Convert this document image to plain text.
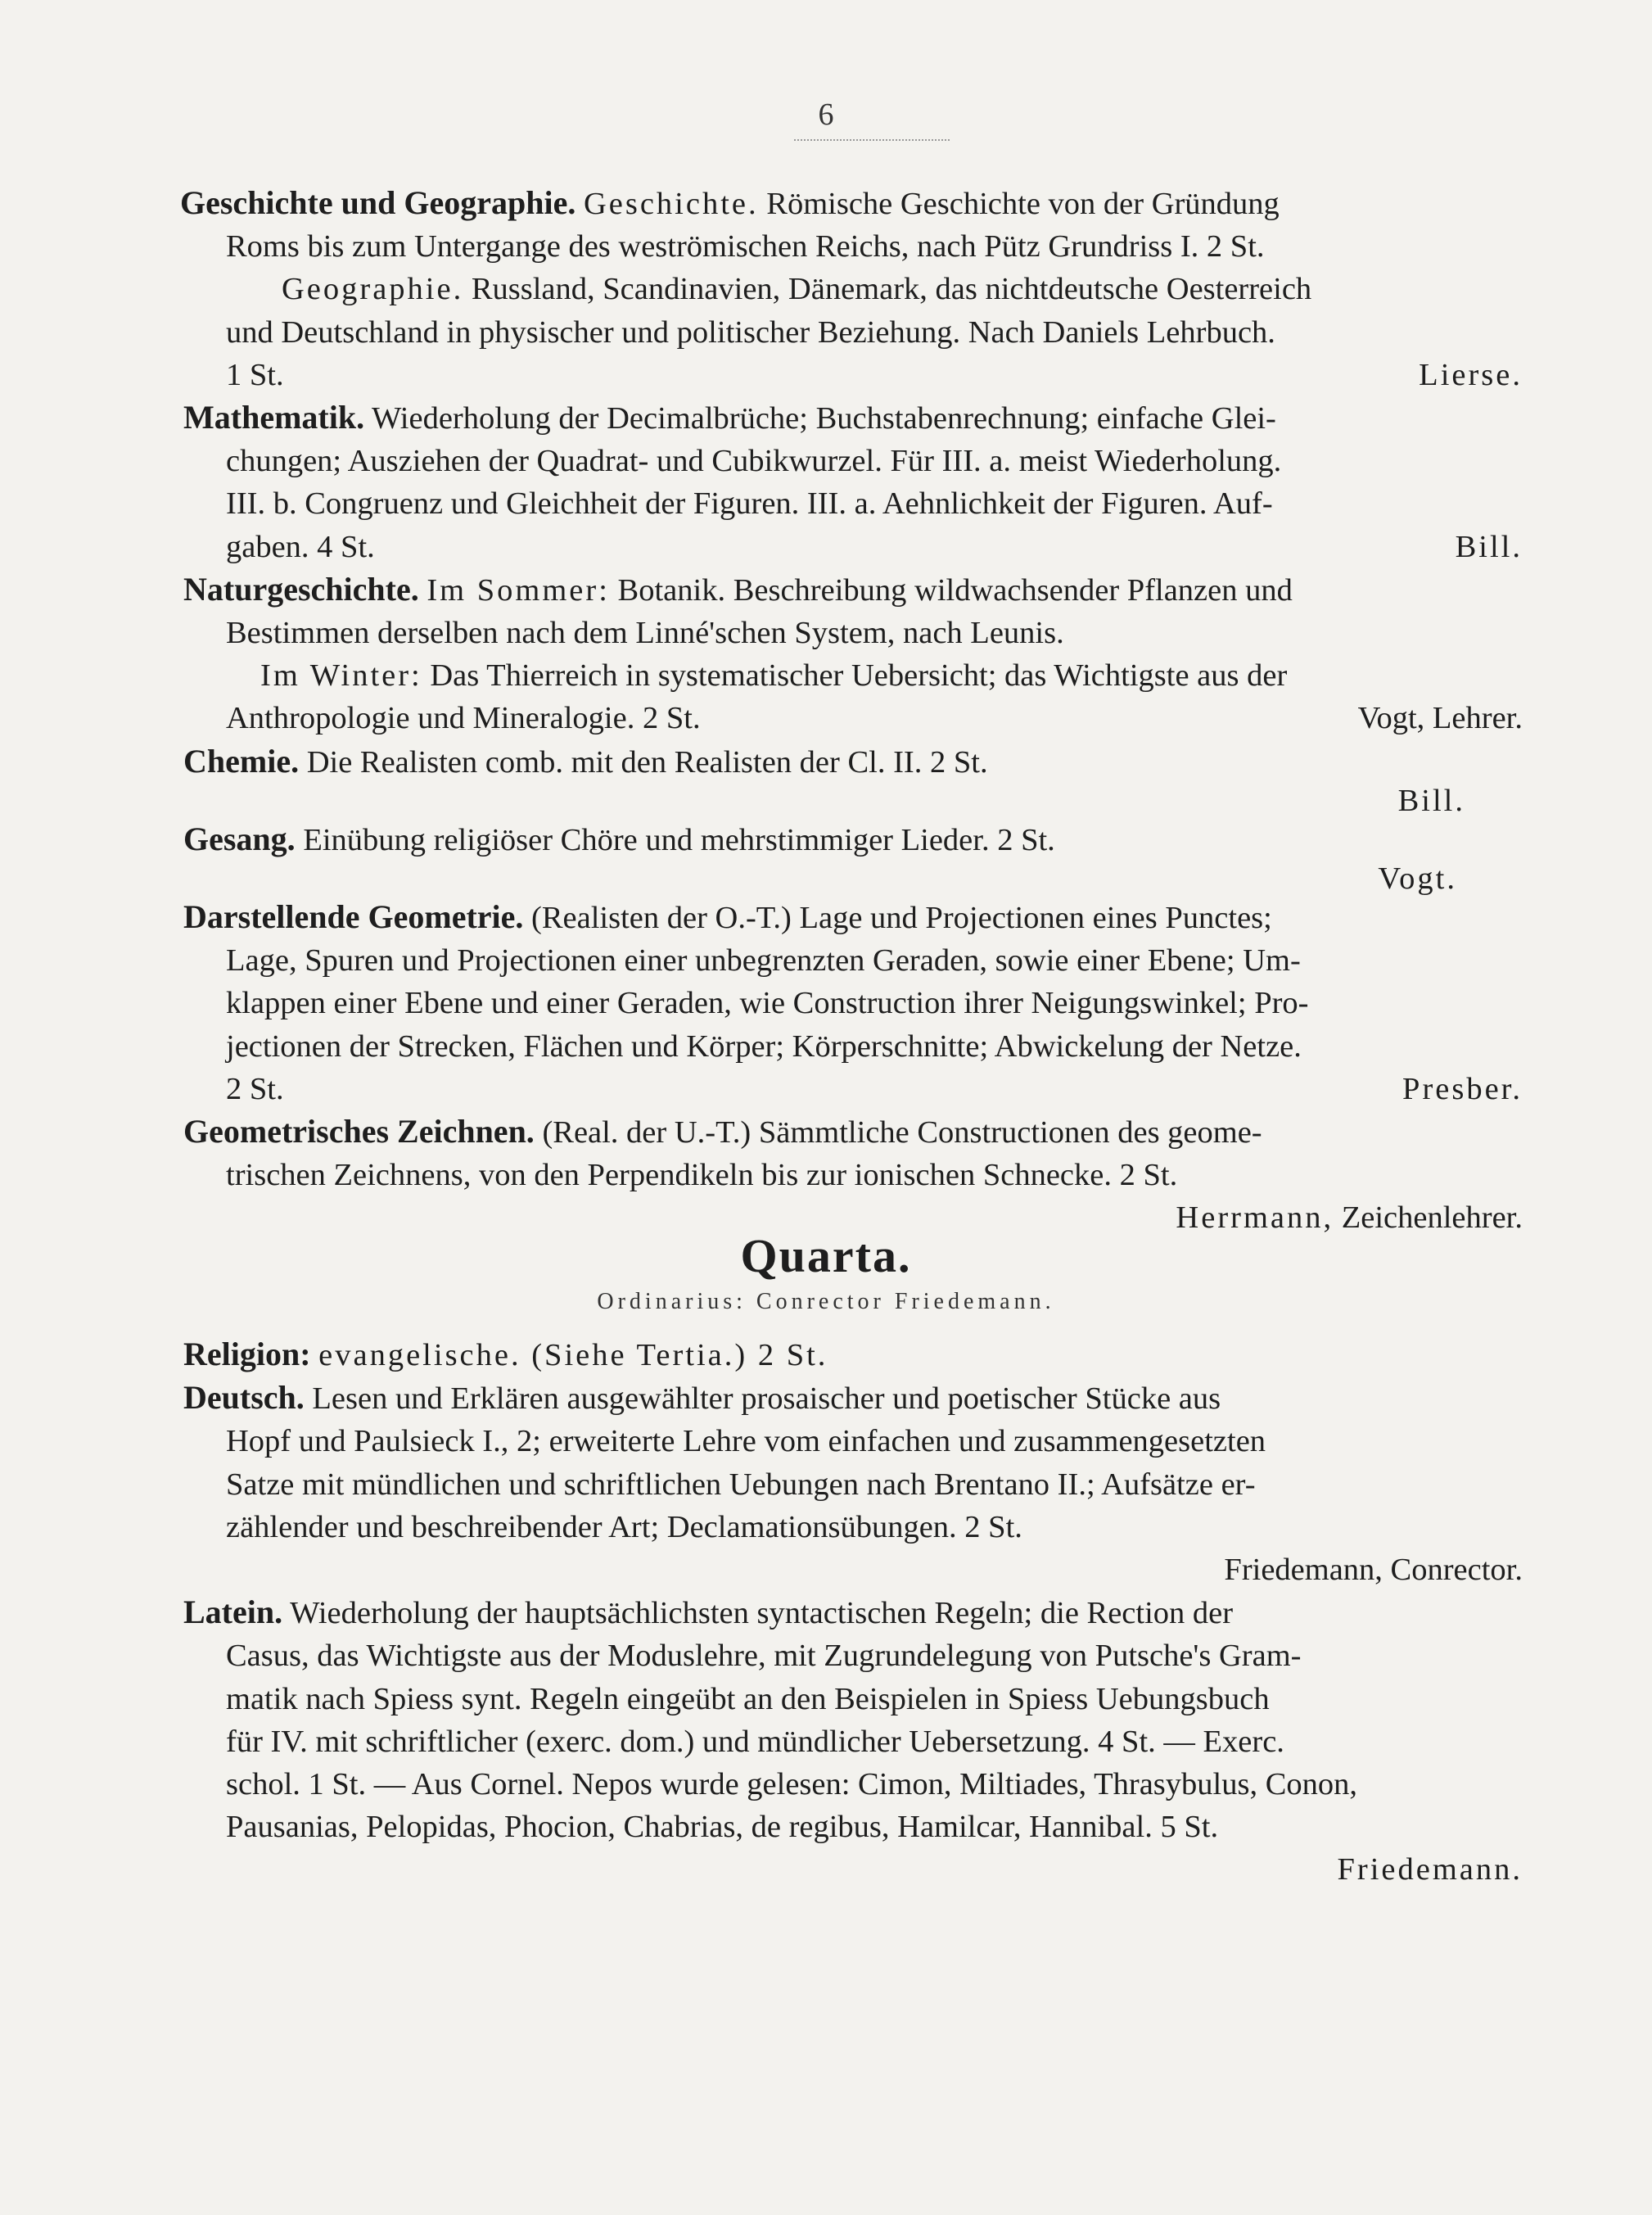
6

Geschichte und Geographie. Geschichte. Römische Geschichte von der Gründung

Roms bis zum Untergange des weströmischen Reichs, nach Pütz Grundriss I. 2 St.

Geographie. Russland, Scandinavien, Dänemark, das nichtdeutsche Oesterreich

und Deutschland in physischer und politischer Beziehung. Nach Daniels Lehrbuch.

1 St.	Lierse.

Mathematik. Wiederholung der Decimalbrüche; Buchstabenrechnung; einfache Glei-

chungen; Ausziehen der Quadrat- und Cubikwurzel. Für III. a. meist Wiederholung.

III. b. Congruenz und Gleichheit der Figuren. III. a. Aehnlichkeit der Figuren. Auf-

gaben. 4 St.	Bill.

Naturgeschichte. Im Sommer: Botanik. Beschreibung wildwachsender Pflanzen und

Bestimmen derselben nach dem Linné'schen System, nach Leunis.

Im Winter: Das Thierreich in systematischer Uebersicht; das Wichtigste aus der

Anthropologie und Mineralogie. 2 St.	Vogt, Lehrer.

Chemie. Die Realisten comb. mit den Realisten der Cl. II. 2 St.

Bill.

Gesang. Einübung religiöser Chöre und mehrstimmiger Lieder. 2 St.

Vogt.

Darstellende Geometrie. (Realisten der O.-T.) Lage und Projectionen eines Punctes;

Lage, Spuren und Projectionen einer unbegrenzten Geraden, sowie einer Ebene; Um-

klappen einer Ebene und einer Geraden, wie Construction ihrer Neigungswinkel; Pro-

jectionen der Strecken, Flächen und Körper; Körperschnitte; Abwickelung der Netze.

2 St.	Presber.

Geometrisches Zeichnen. (Real. der U.-T.) Sämmtliche Constructionen des geome-

trischen Zeichnens, von den Perpendikeln bis zur ionischen Schnecke. 2 St.

Herrmann, Zeichenlehrer.

Quarta.
Ordinarius: Conrector Friedemann.

Religion: evangelische. (Siehe Tertia.) 2 St.

Deutsch. Lesen und Erklären ausgewählter prosaischer und poetischer Stücke aus

Hopf und Paulsieck I., 2; erweiterte Lehre vom einfachen und zusammengesetzten

Satze mit mündlichen und schriftlichen Uebungen nach Brentano II.; Aufsätze er-

zählender und beschreibender Art; Declamationsübungen. 2 St.

Friedemann, Conrector.

Latein. Wiederholung der hauptsächlichsten syntactischen Regeln; die Rection der

Casus, das Wichtigste aus der Moduslehre, mit Zugrundelegung von Putsche's Gram-

matik nach Spiess synt. Regeln eingeübt an den Beispielen in Spiess Uebungsbuch

für IV. mit schriftlicher (exerc. dom.) und mündlicher Uebersetzung. 4 St. — Exerc.

schol. 1 St. — Aus Cornel. Nepos wurde gelesen: Cimon, Miltiades, Thrasybulus, Conon,

Pausanias, Pelopidas, Phocion, Chabrias, de regibus, Hamilcar, Hannibal. 5 St.

Friedemann.
